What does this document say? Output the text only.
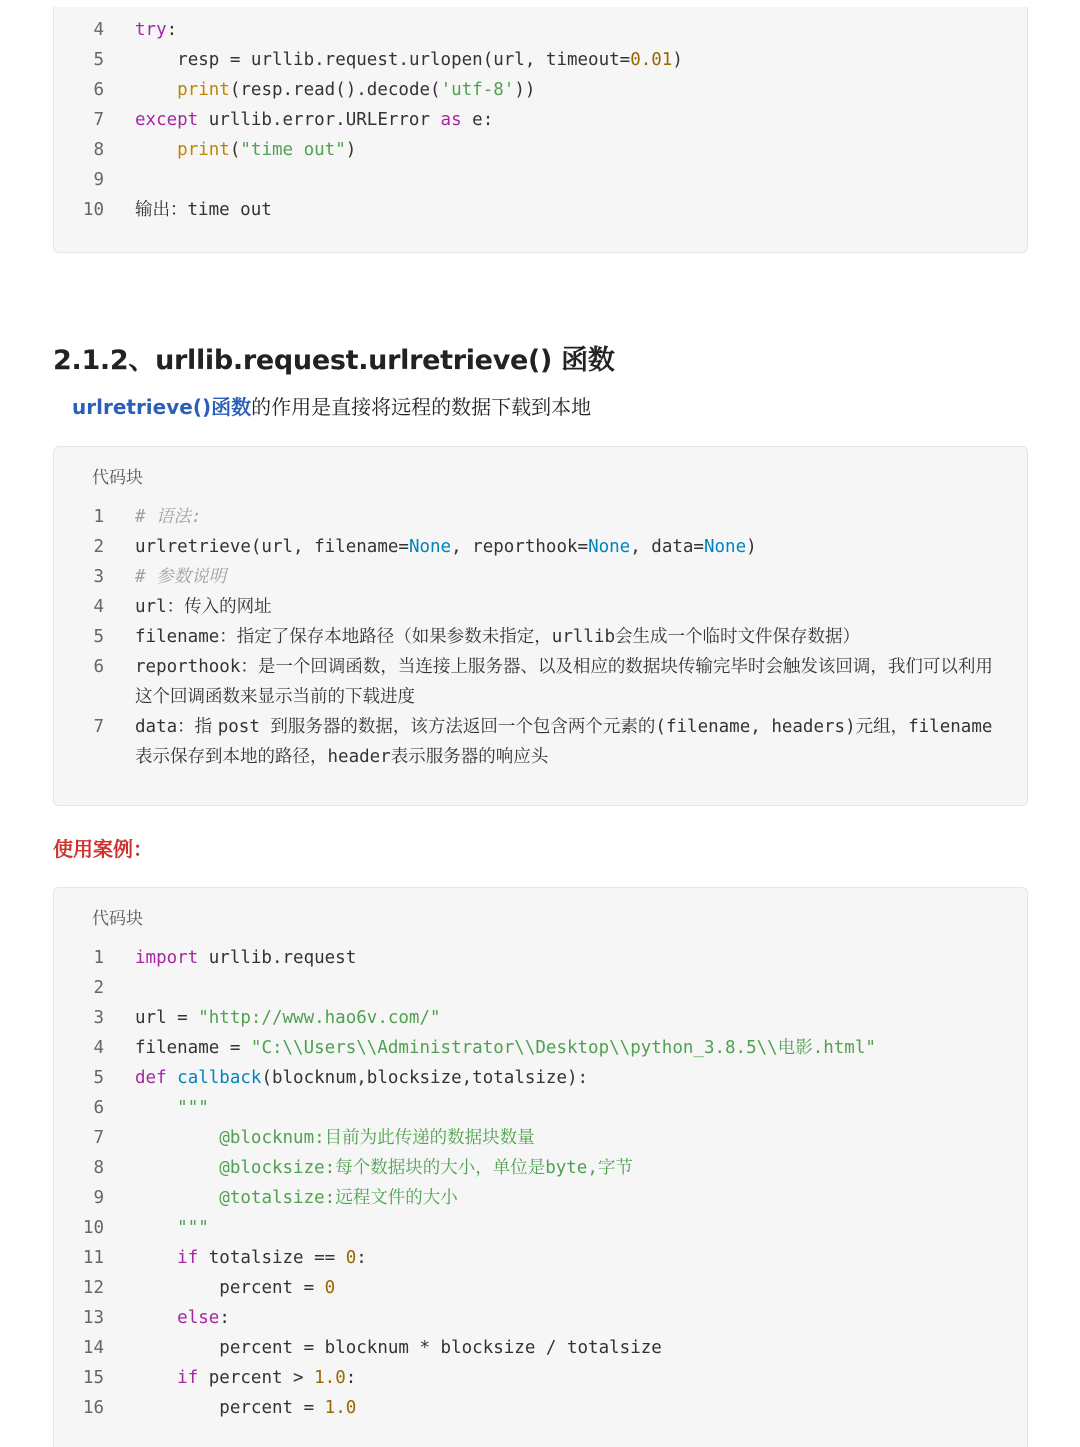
4 try:
5 resp = urllib.request.urlopen(url, timeout=0.01)
6	print(resp.read().decode('utf-8'))
7 except urllib.error.URLError as e:
8	print("time out")
9
10 输出：time out
2.1.2、urllib.request.urlretrieve() 函数
urlretrieve()函数的作用是直接将远程的数据下载到本地
代码块
1 # 语法:
2 urlretrieve(url, filename=None, reporthook=None, data=None)
3 # 参数说明
4 url：传入的网址
5 filename：指定了保存本地路径（如果参数未指定，urllib会生成一个临时文件保存数据）
6 reporthook：是一个回调函数，当连接上服务器、以及相应的数据块传输完毕时会触发该回调，我们可以利用这个回调函数来显示当前的下载进度
7 data：指 post 到服务器的数据，该方法返回一个包含两个元素的(filename, headers)元组，filename 表示保存到本地的路径，header表示服务器的响应头
使用案例：
代码块
1 import urllib.request
2
3 url = "http://www.hao6v.com/"
4 filename = "C:\\Users\\Administrator\\Desktop\\python_3.8.5\\电影.html"
5 def callback(blocknum,blocksize,totalsize):
6	"""
7	@blocknum:目前为此传递的数据块数量
8	@blocksize:每个数据块的大小，单位是byte,字节
9	@totalsize:远程文件的大小
10	"""
11	if totalsize == 0:
12 percent = 0
13	else:
14 percent = blocknum * blocksize / totalsize
15	if percent > 1.0:
16 percent = 1.0
